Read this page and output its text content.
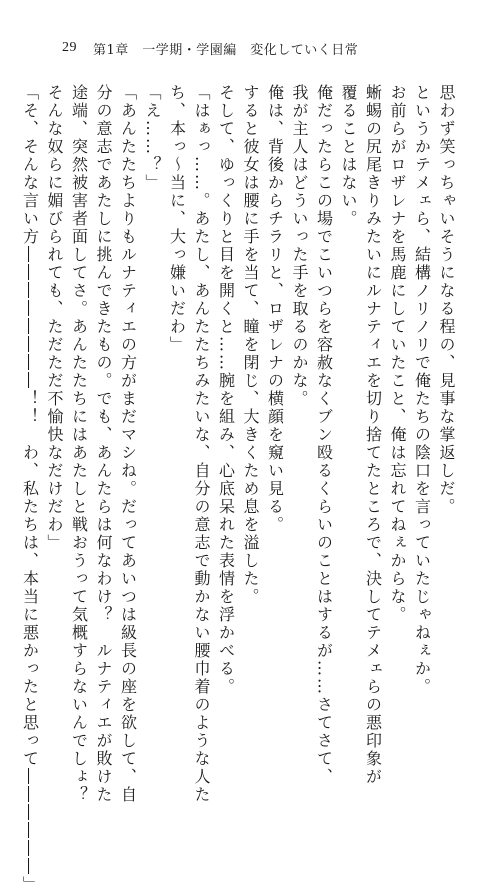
29 第1章　一学期・学園編　変化していく日常
思わず笑っちゃいそうになる程の、見事な掌返しだ。
というかテメェら、結構ノリノリで俺たちの陰口を言っていたじゃねぇか。
お前らがロザレナを馬鹿にしていたこと、俺は忘れてねぇからな。
蜥蜴の尻尾きりみたいにルナティエを切り捨てたところで、決してテメェらの悪印象が
覆ることはない。
俺だったらこの場でこいつらを容赦なくブン殴るくらいのことはするが……さてさて、
我が主人はどういった手を取るのかな。
俺は、背後からチラリと、ロザレナの横顔を窺い見る。
すると彼女は腰に手を当て、瞳を閉じ、大きくため息を溢した。
そして、ゆっくりと目を開くと……腕を組み、心底呆れた表情を浮かべる。
「はぁっ……。あたし、あんたたちみたいな、自分の意志で動かない腰巾着のような人た
ち、本っ～当に、大っ嫌いだわ」
「え……？」
「あんたたちよりもルナティエの方がまだマシね。だってあいつは級長の座を欲して、自
分の意志であたしに挑んできたもの。でも、あんたらは何なわけ？　ルナティエが敗けた
途端、突然被害者面してさ。あんたたちにはあたしと戦おうって気概すらないんでしょ？
そんな奴らに媚びられても、ただただ不愉快なだけだわ」
「そ、そんな言い方――――――――！！　わ、私たちは、本当に悪かったと思って――――――」
